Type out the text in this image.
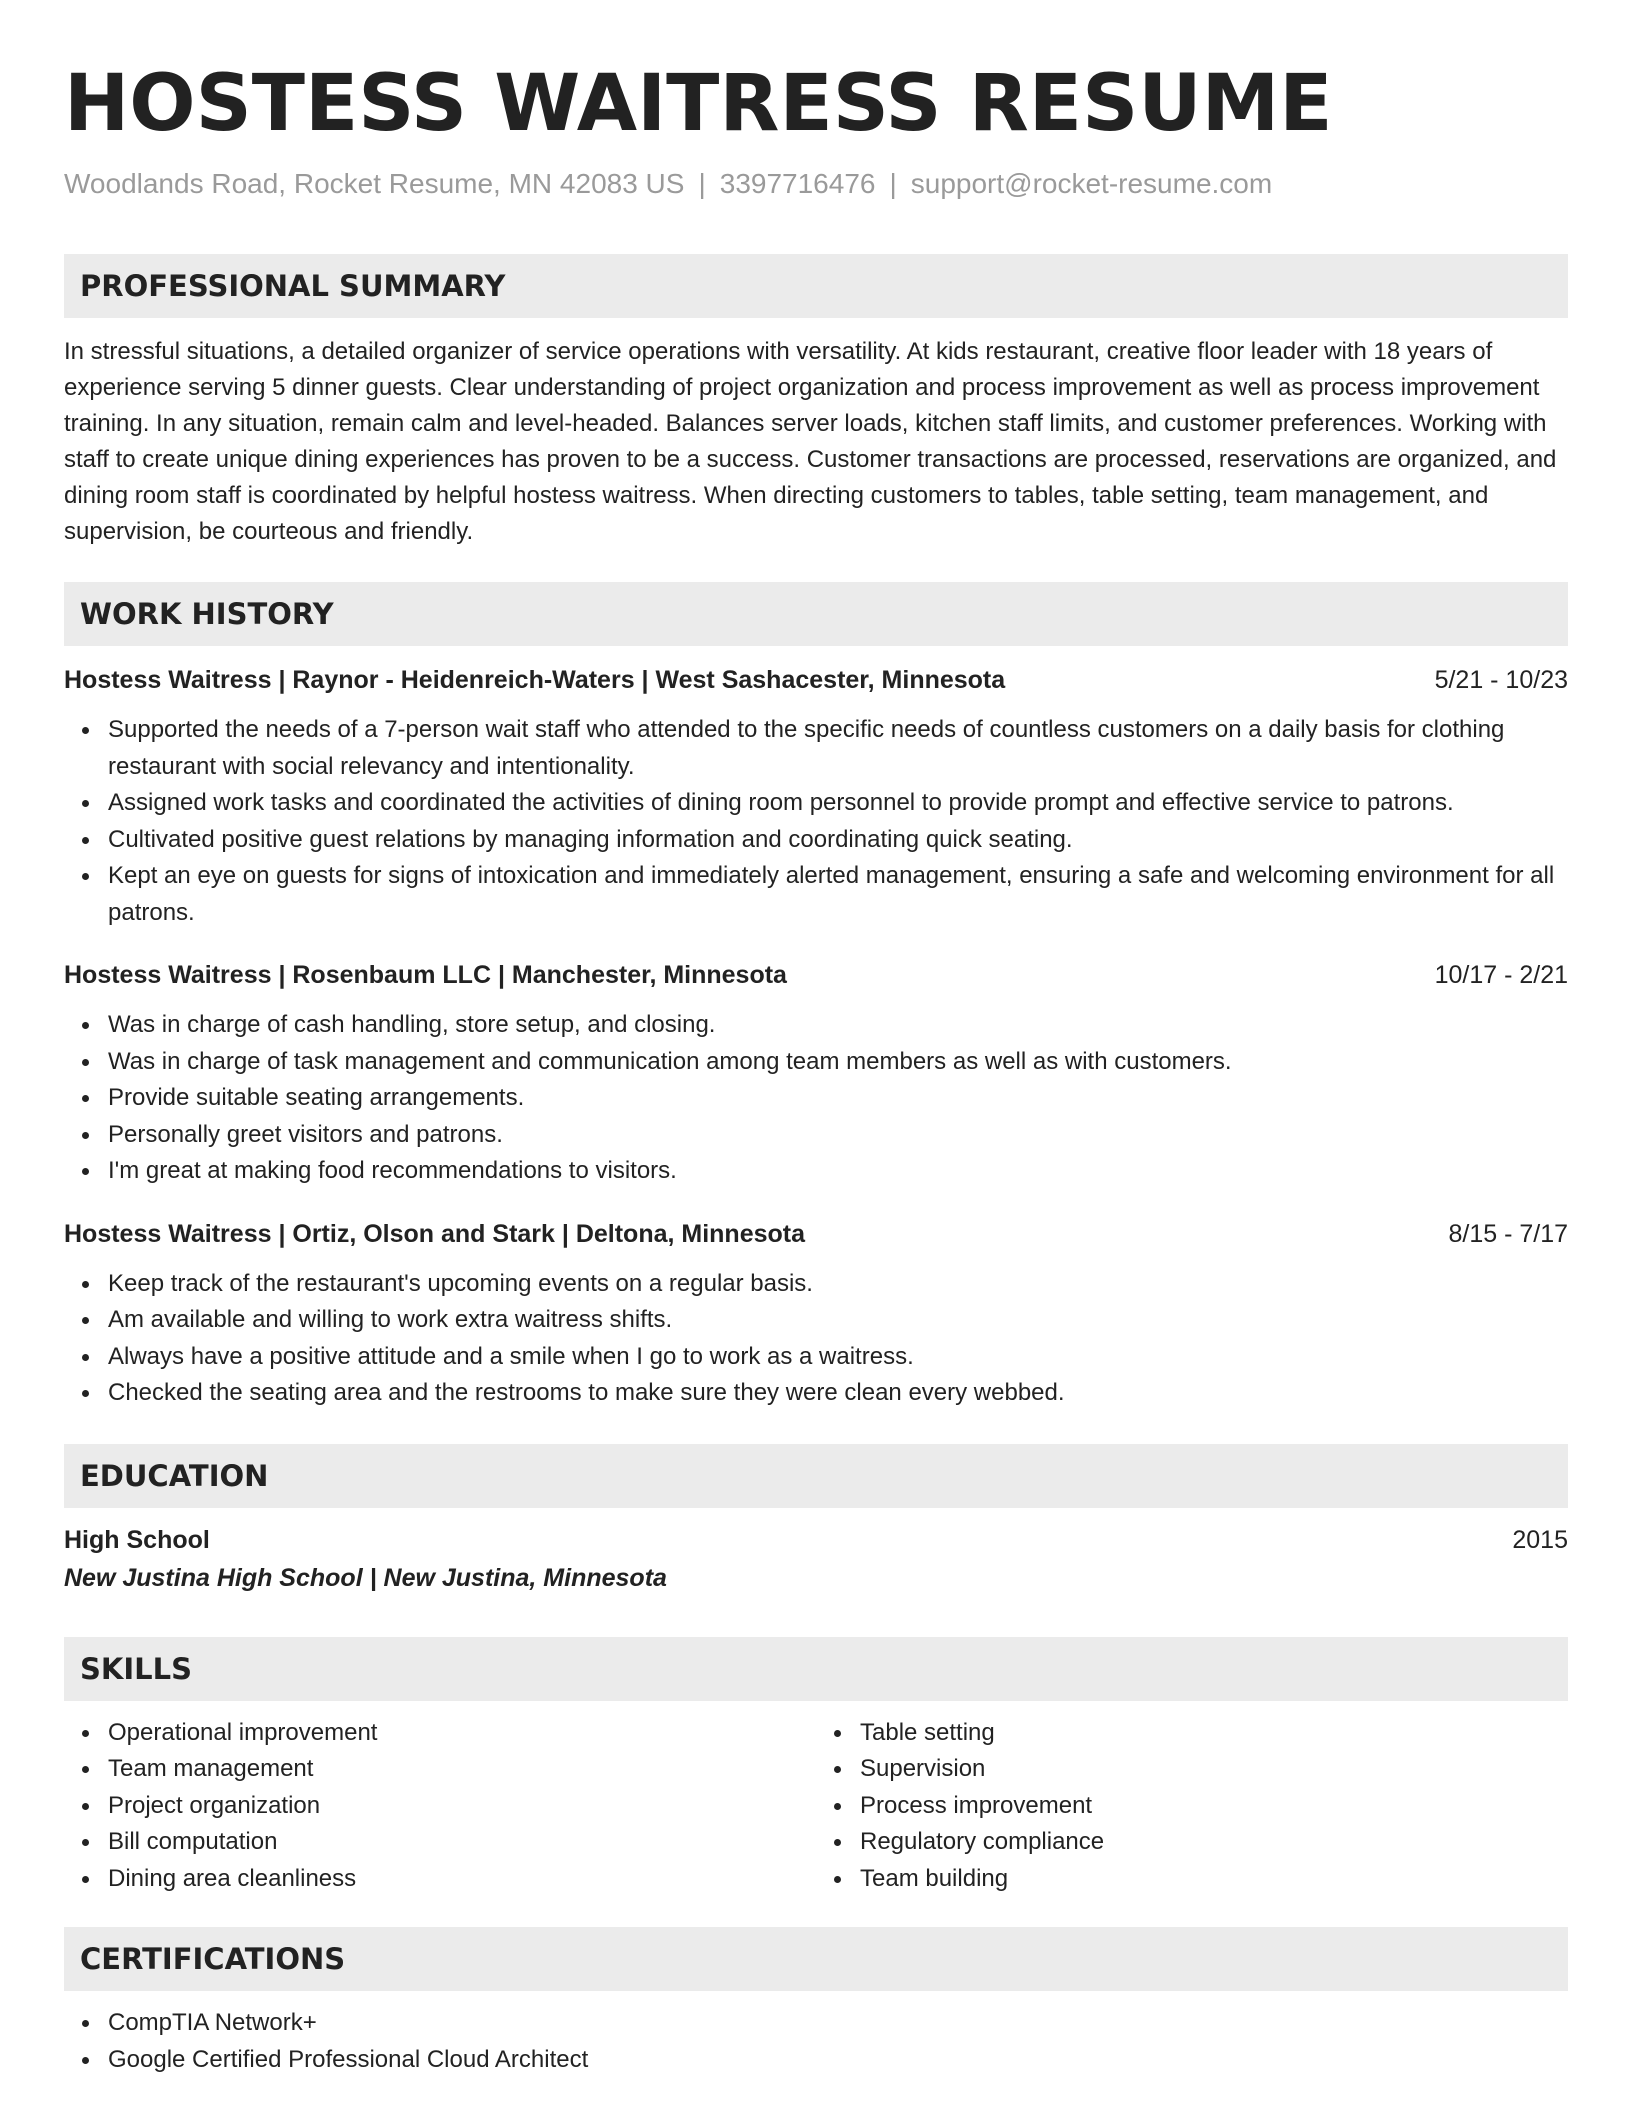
HOSTESS WAITRESS RESUME
Woodlands Road, Rocket Resume, MN 42083 US | 3397716476 | support@rocket-resume.com
PROFESSIONAL SUMMARY
In stressful situations, a detailed organizer of service operations with versatility. At kids restaurant, creative floor leader with 18 years of experience serving 5 dinner guests. Clear understanding of project organization and process improvement as well as process improvement training. In any situation, remain calm and level-headed. Balances server loads, kitchen staff limits, and customer preferences. Working with staff to create unique dining experiences has proven to be a success. Customer transactions are processed, reservations are organized, and dining room staff is coordinated by helpful hostess waitress. When directing customers to tables, table setting, team management, and supervision, be courteous and friendly.
WORK HISTORY
Hostess Waitress | Raynor - Heidenreich-Waters | West Sashacester, Minnesota	5/21 - 10/23
Supported the needs of a 7-person wait staff who attended to the specific needs of countless customers on a daily basis for clothing restaurant with social relevancy and intentionality.
Assigned work tasks and coordinated the activities of dining room personnel to provide prompt and effective service to patrons.
Cultivated positive guest relations by managing information and coordinating quick seating.
Kept an eye on guests for signs of intoxication and immediately alerted management, ensuring a safe and welcoming environment for all patrons.
Hostess Waitress | Rosenbaum LLC | Manchester, Minnesota	10/17 - 2/21
Was in charge of cash handling, store setup, and closing.
Was in charge of task management and communication among team members as well as with customers.
Provide suitable seating arrangements.
Personally greet visitors and patrons.
I'm great at making food recommendations to visitors.
Hostess Waitress | Ortiz, Olson and Stark | Deltona, Minnesota	8/15 - 7/17
Keep track of the restaurant's upcoming events on a regular basis.
Am available and willing to work extra waitress shifts.
Always have a positive attitude and a smile when I go to work as a waitress.
Checked the seating area and the restrooms to make sure they were clean every webbed.
EDUCATION
High School	2015
New Justina High School | New Justina, Minnesota
SKILLS
Operational improvement
Team management
Project organization
Bill computation
Dining area cleanliness
Table setting
Supervision
Process improvement
Regulatory compliance
Team building
CERTIFICATIONS
CompTIA Network+
Google Certified Professional Cloud Architect
